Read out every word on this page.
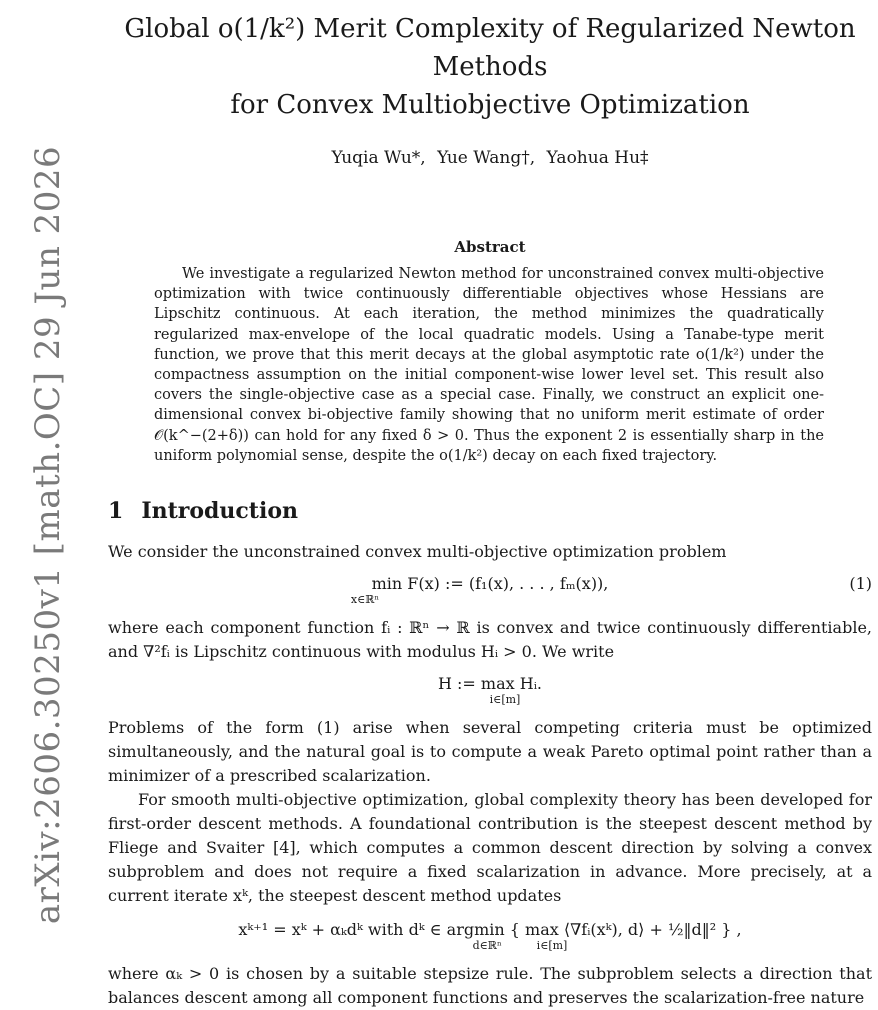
arXiv:2606.30250v1 [math.OC] 29 Jun 2026
Global o(1/k²) Merit Complexity of Regularized Newton Methods
for Convex Multiobjective Optimization
Yuqia Wu*, Yue Wang†, Yaohua Hu‡
Abstract

We investigate a regularized Newton method for unconstrained convex multi-objective optimization with twice continuously differentiable objectives whose Hessians are Lipschitz continuous. At each iteration, the method minimizes the quadratically regularized max-envelope of the local quadratic models. Using a Tanabe-type merit function, we prove that this merit decays at the global asymptotic rate o(1/k²) under the compactness assumption on the initial component-wise lower level set. This result also covers the single-objective case as a special case. Finally, we construct an explicit one-dimensional convex bi-objective family showing that no uniform merit estimate of order 𝒪(k^−(2+δ)) can hold for any fixed δ > 0. Thus the exponent 2 is essentially sharp in the uniform polynomial sense, despite the o(1/k²) decay on each fixed trajectory.

1 Introduction

We consider the unconstrained convex multi-objective optimization problem

min F(x) := (f₁(x), . . . , fₘ(x)),
x∈ℝⁿ
(1)

where each component function fᵢ : ℝⁿ → ℝ is convex and twice continuously differentiable, and ∇²fᵢ is Lipschitz continuous with modulus Hᵢ > 0. We write

H := max Hᵢ.
i∈[m]

Problems of the form (1) arise when several competing criteria must be optimized simultaneously, and the natural goal is to compute a weak Pareto optimal point rather than a minimizer of a prescribed scalarization.

For smooth multi-objective optimization, global complexity theory has been developed for first-order descent methods. A foundational contribution is the steepest descent method by Fliege and Svaiter [4], which computes a common descent direction by solving a convex subproblem and does not require a fixed scalarization in advance. More precisely, at a current iterate xᵏ, the steepest descent method updates

xᵏ⁺¹ = xᵏ + αₖdᵏ with dᵏ ∈ argmin { max ⟨∇fᵢ(xᵏ), d⟩ + ½‖d‖² } ,
d∈ℝⁿ          i∈[m]

where αₖ > 0 is chosen by a suitable stepsize rule. The subproblem selects a direction that balances descent among all component functions and preserves the scalarization-free nature
